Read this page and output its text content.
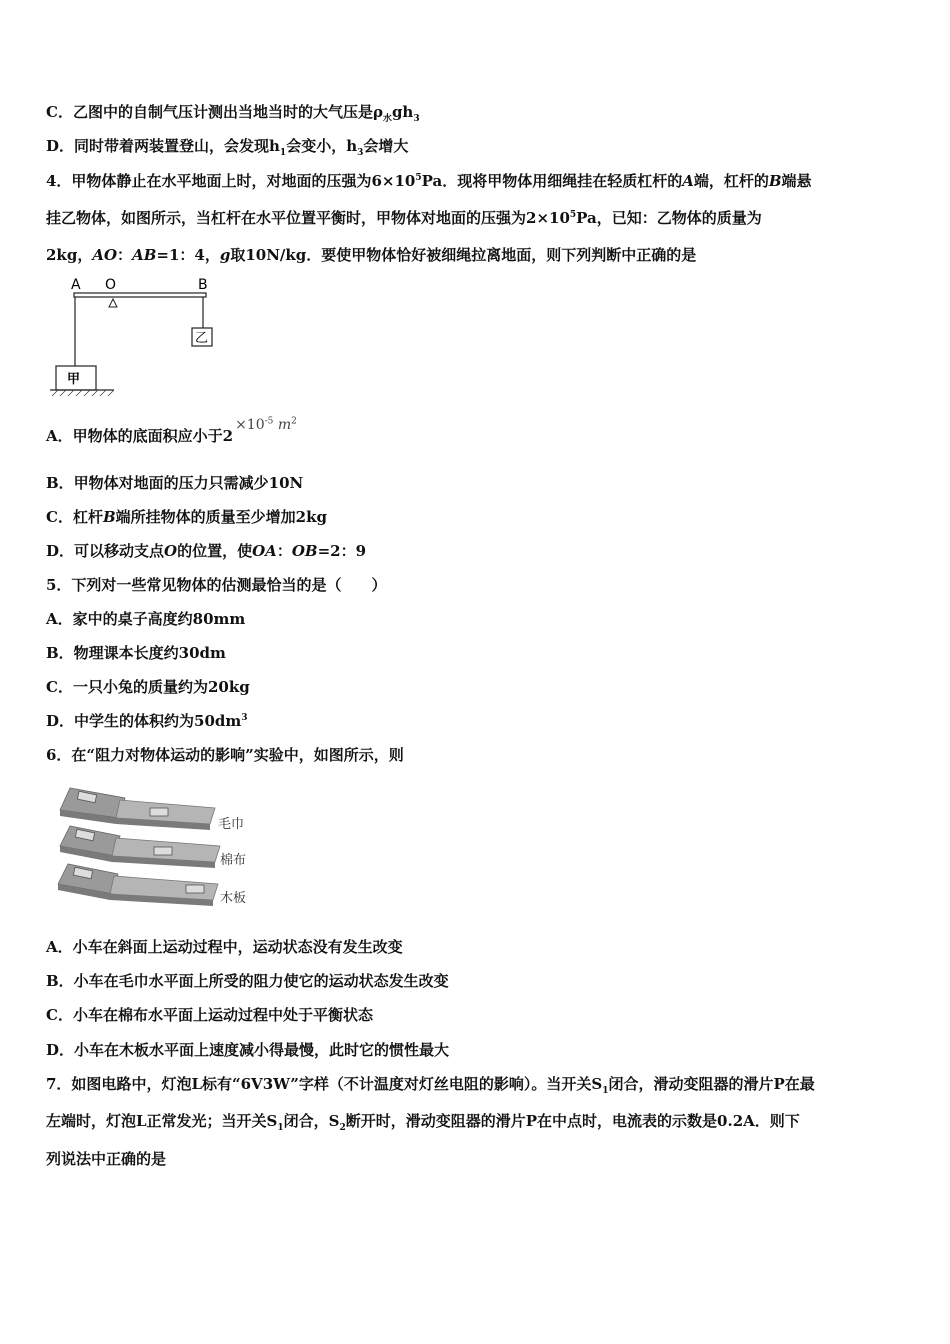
C．乙图中的自制气压计测出当地当时的大气压是$\rho_水gh_3$
D．同时带着两装置登山，会发现$h_1$会变小，$h_3$会增大
4．甲物体静止在水平地面上时，对地面的压强为$6\times 10^5Pa$．现将甲物体用细绳挂在轻质杠杆的A端，杠杆的B端悬
挂乙物体，如图所示，当杠杆在水平位置平衡时，甲物体对地面的压强为$2\times 10^5Pa$，已知：乙物体的质量为
2kg，AO：AB=1：4，g取10N/kg．要使甲物体恰好被细绳拉离地面，则下列判断中正确的是
A O	B
乙
甲
A．甲物体的底面积应小于$2\times 10^{-5}$ $m^2$
B．甲物体对地面的压力只需减少10N
C．杠杆B端所挂物体的质量至少增加2kg
D．可以移动支点O的位置，使OA：OB=2：9
5．下列对一些常见物体的估测最恰当的是（　　）
A．家中的桌子高度约80mm
B．物理课本长度约30dm
C．一只小兔的质量约为20kg
D．中学生的体积约为$50dm^3$
6．在“阻力对物体运动的影响”实验中，如图所示，则
毛巾
棉布
木板
A．小车在斜面上运动过程中，运动状态没有发生改变
B．小车在毛巾水平面上所受的阻力使它的运动状态发生改变
C．小车在棉布水平面上运动过程中处于平衡状态
D．小车在木板水平面上速度减小得最慢，此时它的惯性最大
7．如图电路中，灯泡L标有“6V3W”字样（不计温度对灯丝电阻的影响）。当开关$S_1$闭合，滑动变阻器的滑片P在最
左端时，灯泡L正常发光；当开关$S_1$闭合，$S_2$断开时，滑动变阻器的滑片P在中点时，电流表的示数是0.2A．则下
列说法中正确的是
